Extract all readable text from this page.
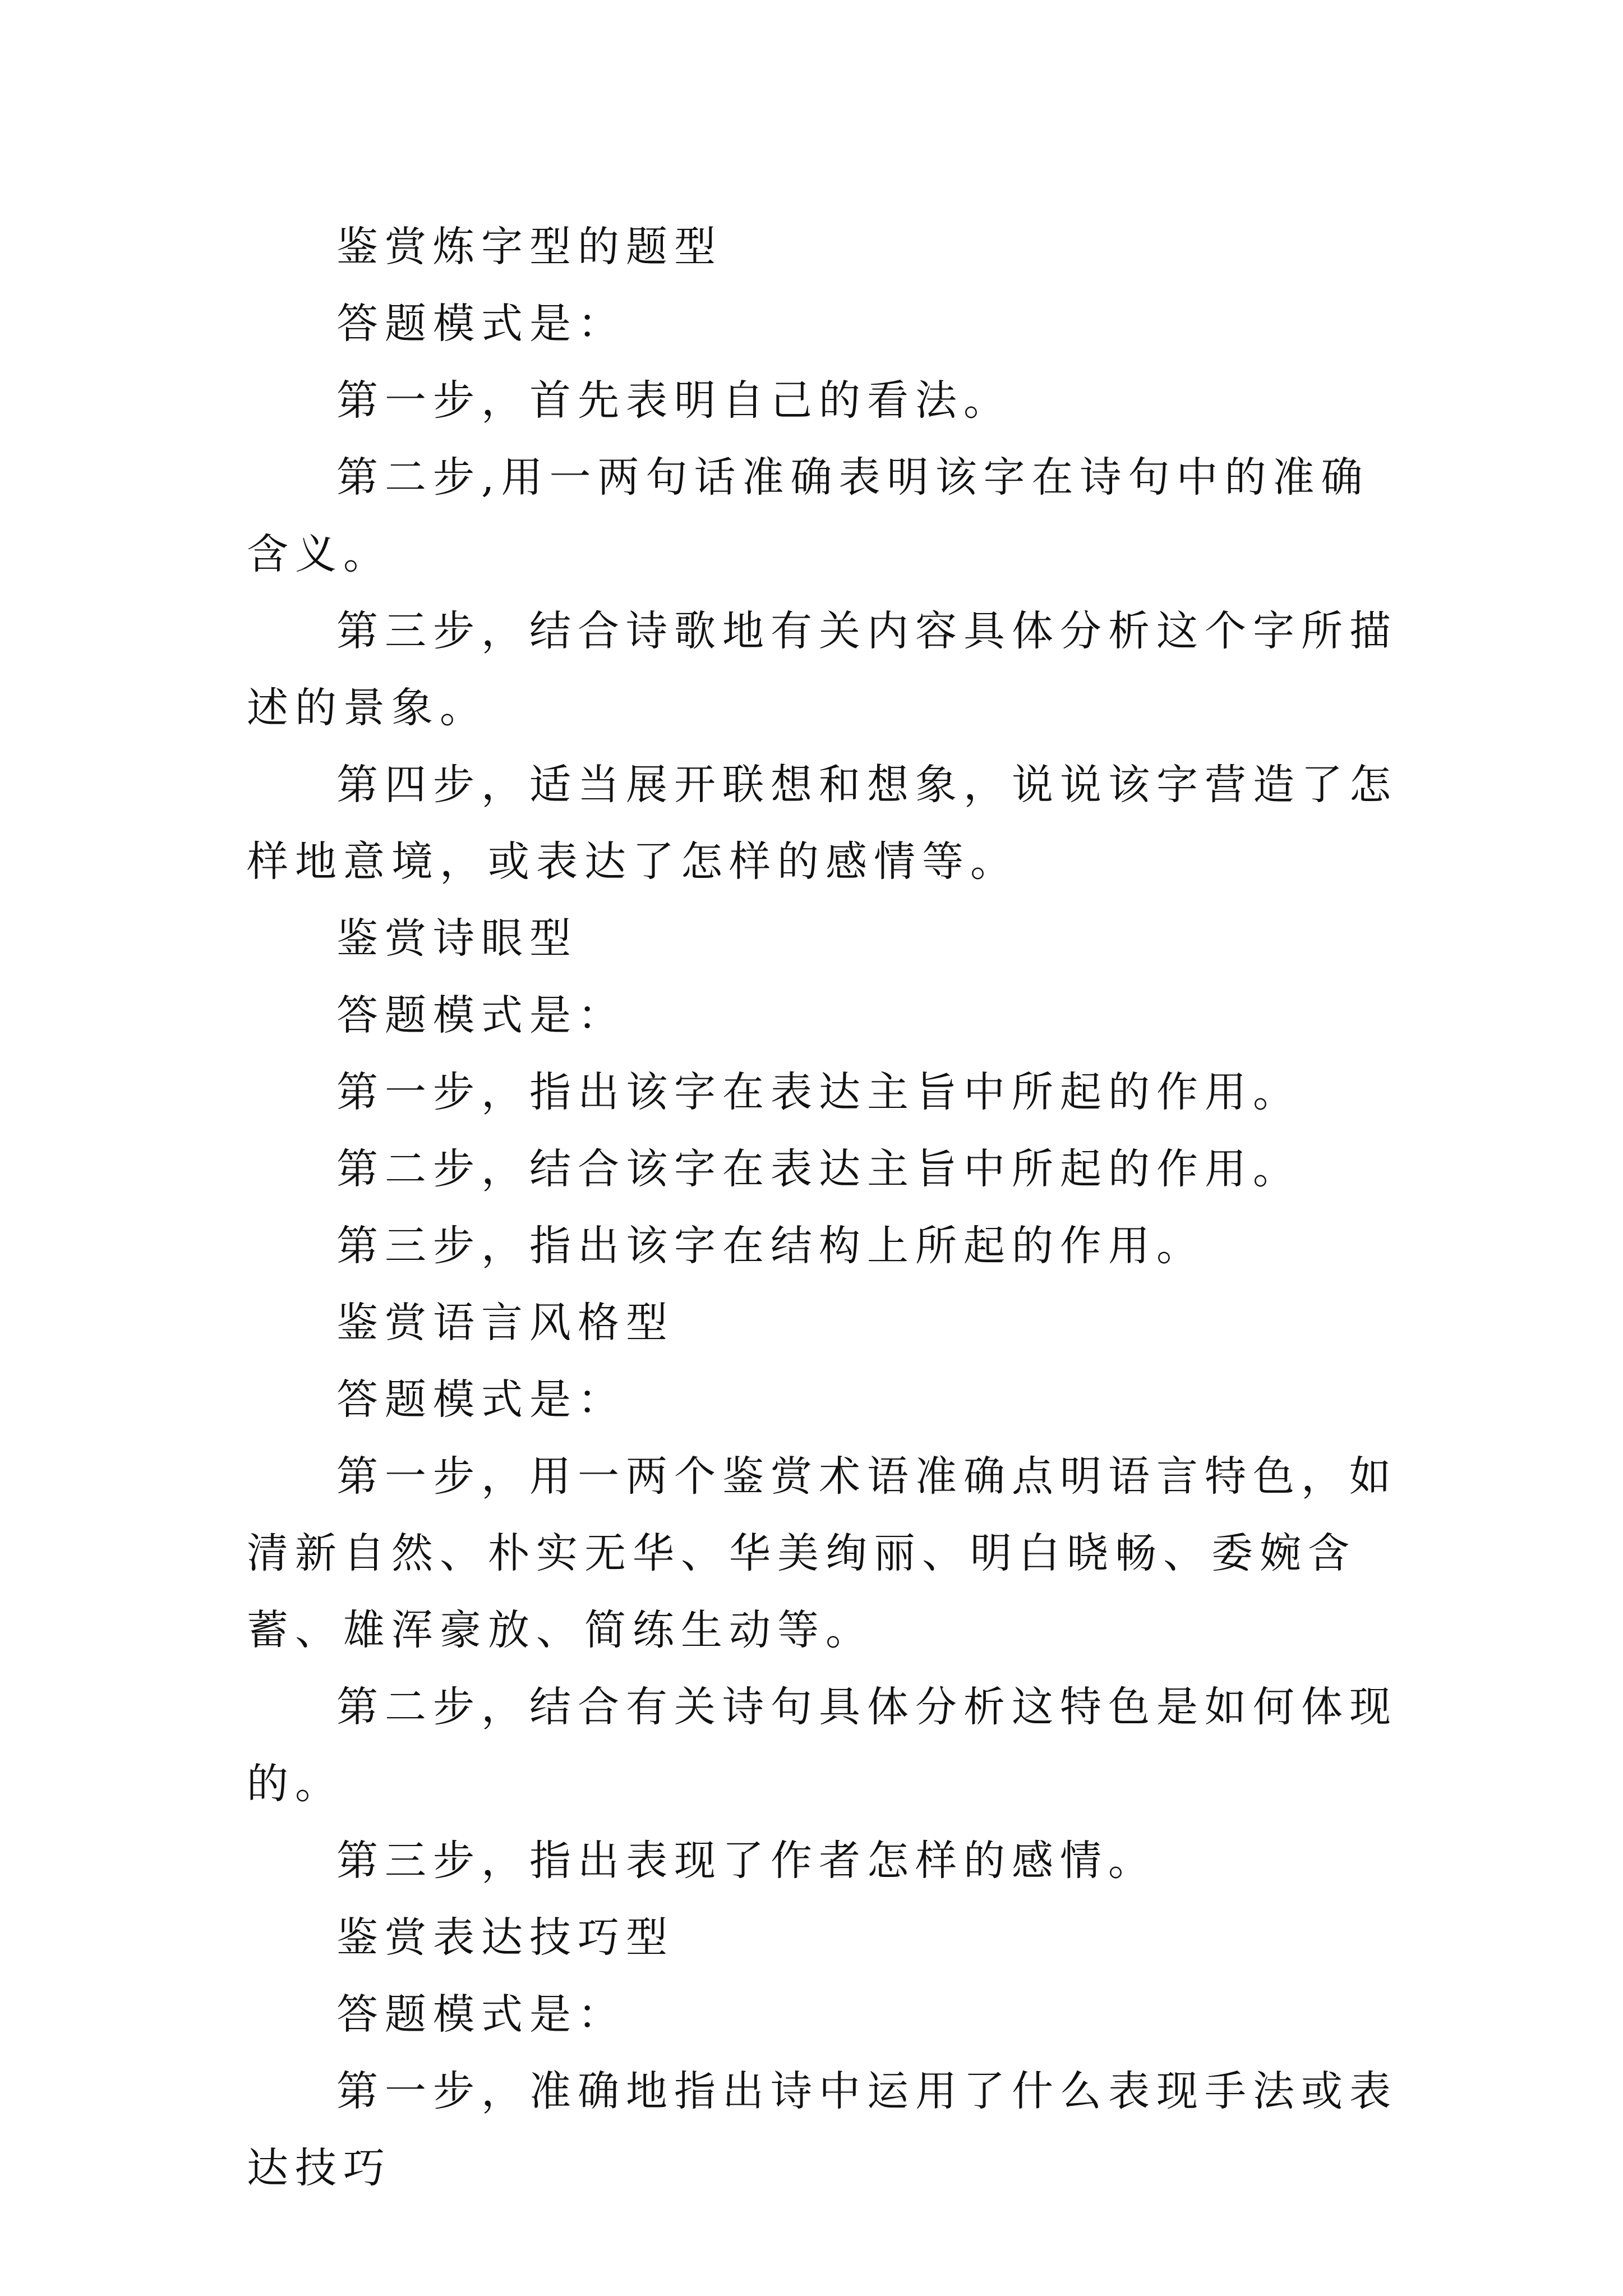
鉴赏炼字型的题型

答题模式是：

第一步，首先表明自己的看法。

第二步,用一两句话准确表明该字在诗句中的准确含义。

第三步，结合诗歌地有关内容具体分析这个字所描述的景象。

第四步，适当展开联想和想象，说说该字营造了怎样地意境，或表达了怎样的感情等。

鉴赏诗眼型

答题模式是：

第一步，指出该字在表达主旨中所起的作用。

第二步，结合该字在表达主旨中所起的作用。

第三步，指出该字在结构上所起的作用。

鉴赏语言风格型

答题模式是：

第一步，用一两个鉴赏术语准确点明语言特色，如清新自然、朴实无华、华美绚丽、明白晓畅、委婉含蓄、雄浑豪放、简练生动等。

第二步，结合有关诗句具体分析这特色是如何体现的。

第三步，指出表现了作者怎样的感情。

鉴赏表达技巧型

答题模式是：

第一步，准确地指出诗中运用了什么表现手法或表达技巧
